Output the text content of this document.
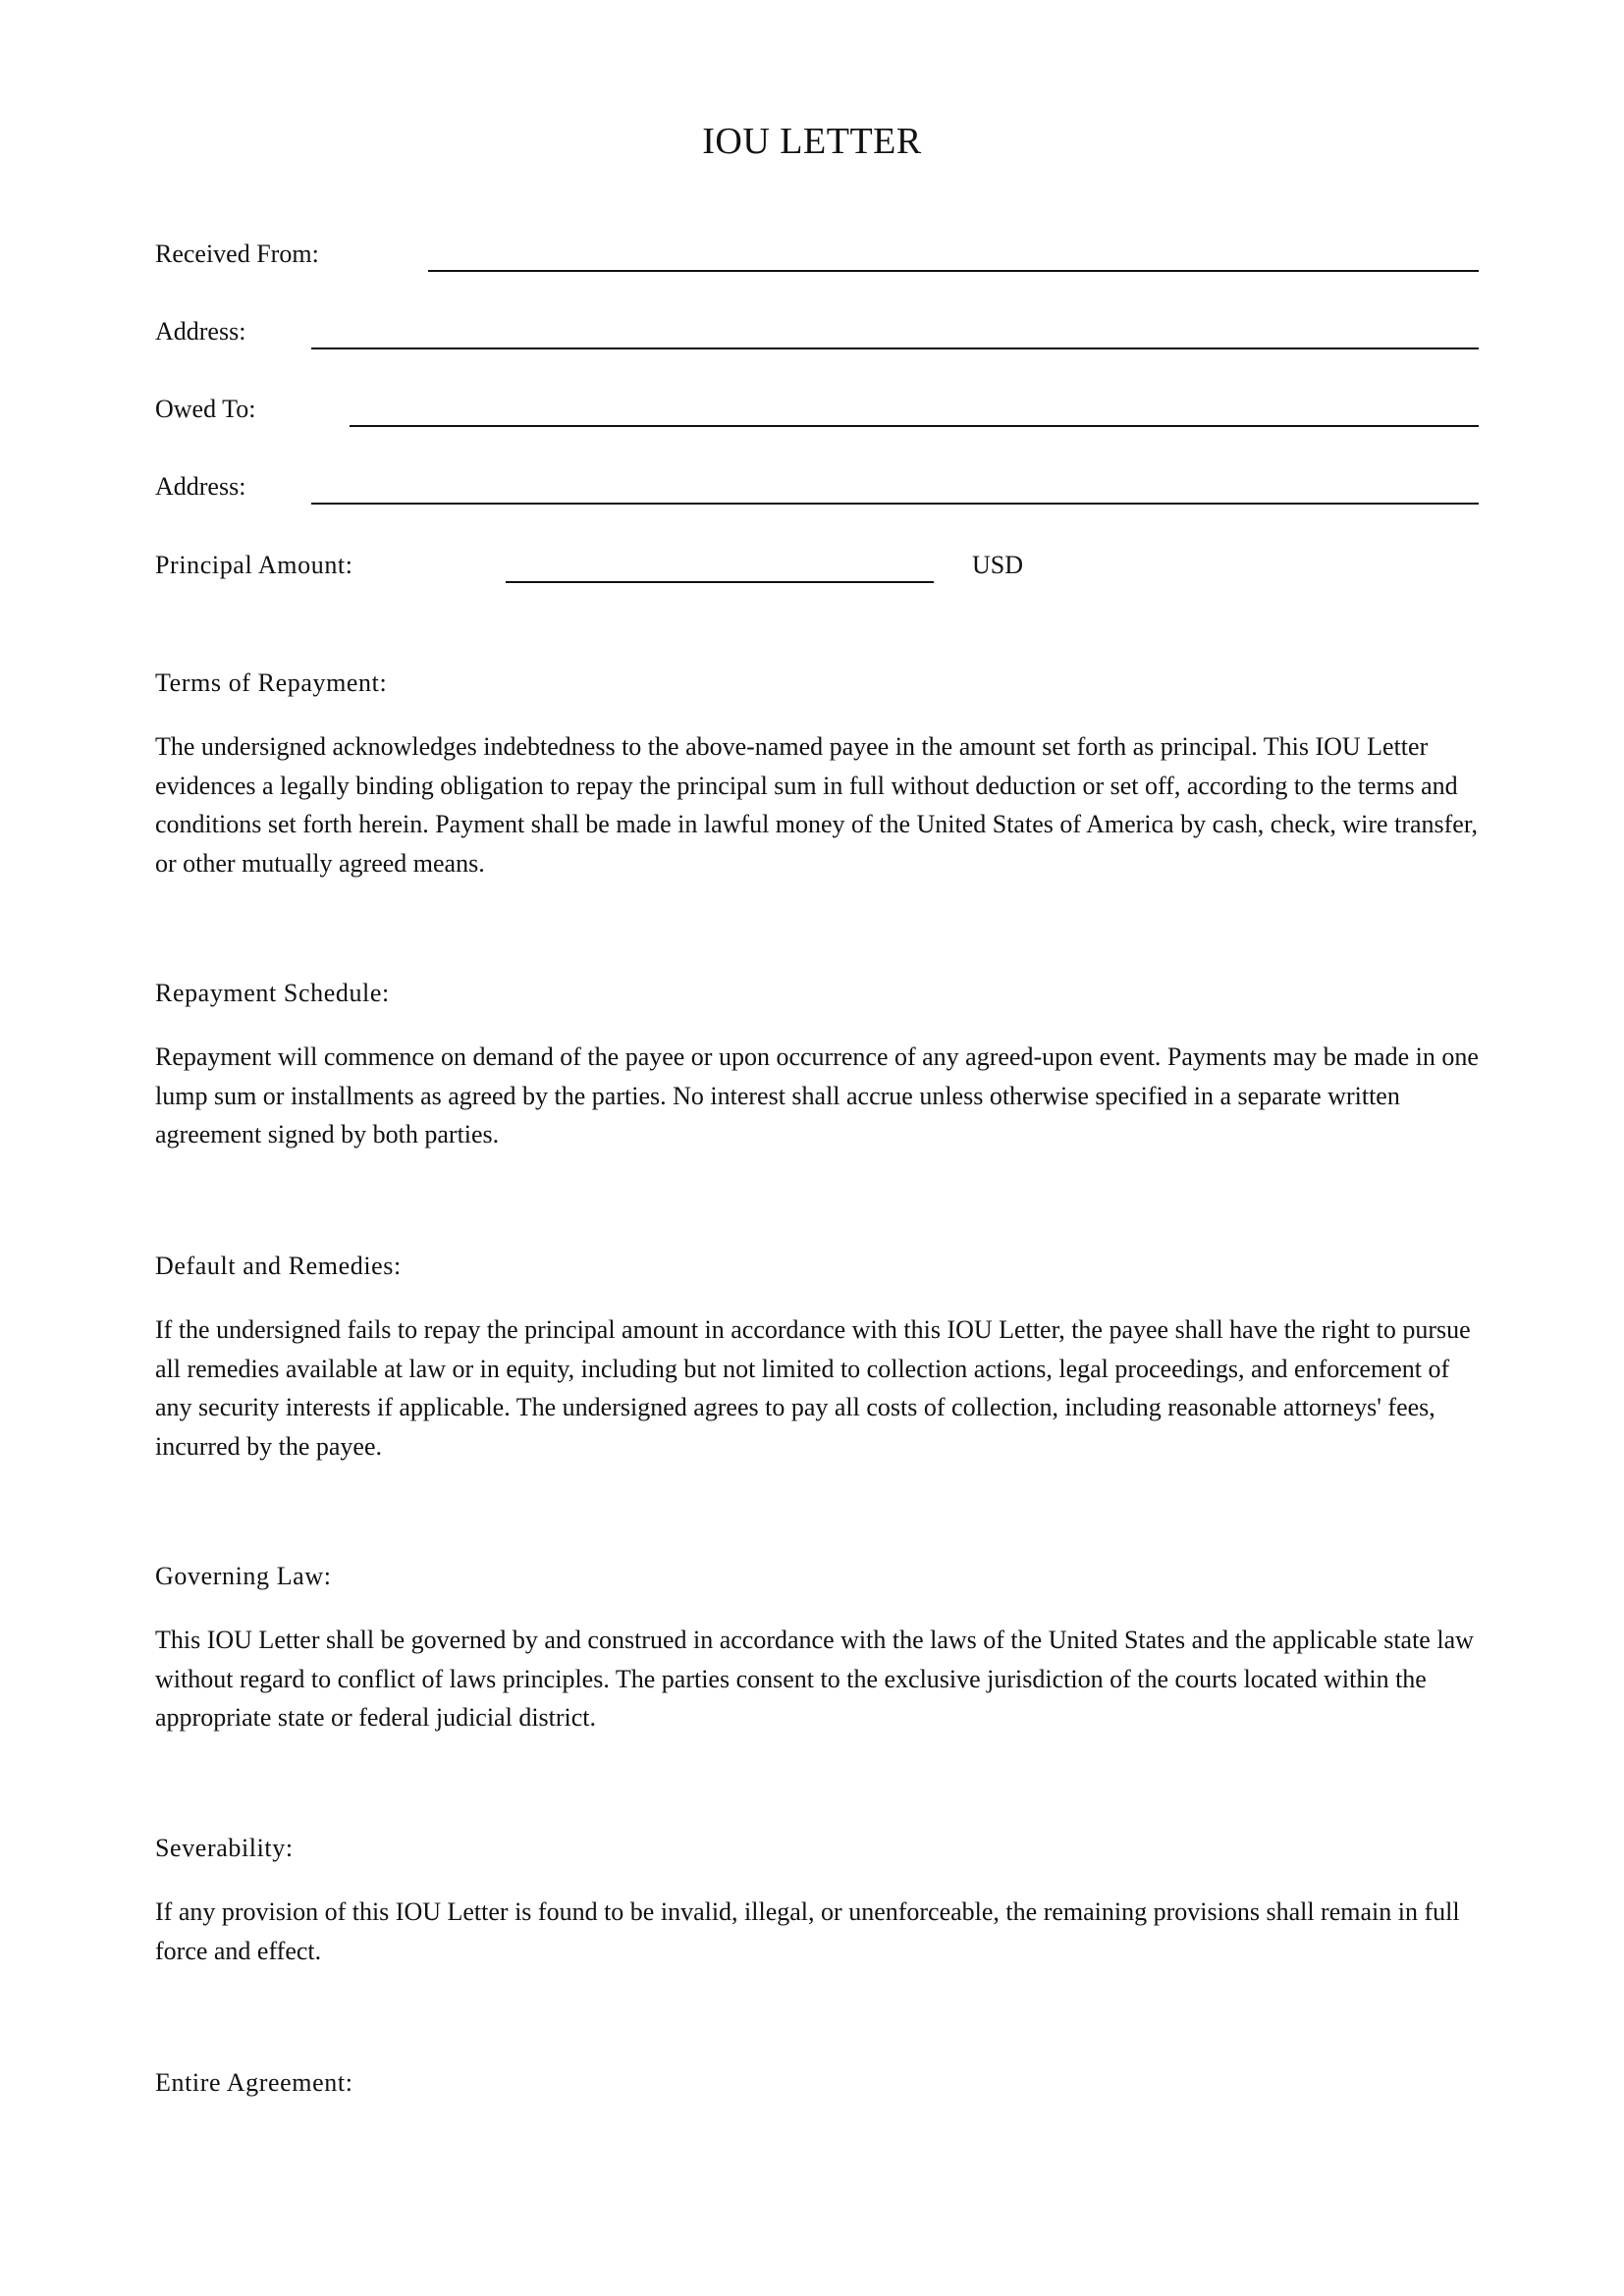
IOU LETTER
Received From:
Address:
Owed To:
Address:
Principal Amount:	USD
Terms of Repayment:

The undersigned acknowledges indebtedness to the above-named payee in the amount set forth as principal. This IOU Letter evidences a legally binding obligation to repay the principal sum in full without deduction or set off, according to the terms and conditions set forth herein. Payment shall be made in lawful money of the United States of America by cash, check, wire transfer, or other mutually agreed means.

Repayment Schedule:

Repayment will commence on demand of the payee or upon occurrence of any agreed-upon event. Payments may be made in one lump sum or installments as agreed by the parties. No interest shall accrue unless otherwise specified in a separate written agreement signed by both parties.

Default and Remedies:

If the undersigned fails to repay the principal amount in accordance with this IOU Letter, the payee shall have the right to pursue all remedies available at law or in equity, including but not limited to collection actions, legal proceedings, and enforcement of any security interests if applicable. The undersigned agrees to pay all costs of collection, including reasonable attorneys' fees, incurred by the payee.

Governing Law:

This IOU Letter shall be governed by and construed in accordance with the laws of the United States and the applicable state law without regard to conflict of laws principles. The parties consent to the exclusive jurisdiction of the courts located within the appropriate state or federal judicial district.

Severability:

If any provision of this IOU Letter is found to be invalid, illegal, or unenforceable, the remaining provisions shall remain in full force and effect.

Entire Agreement:
